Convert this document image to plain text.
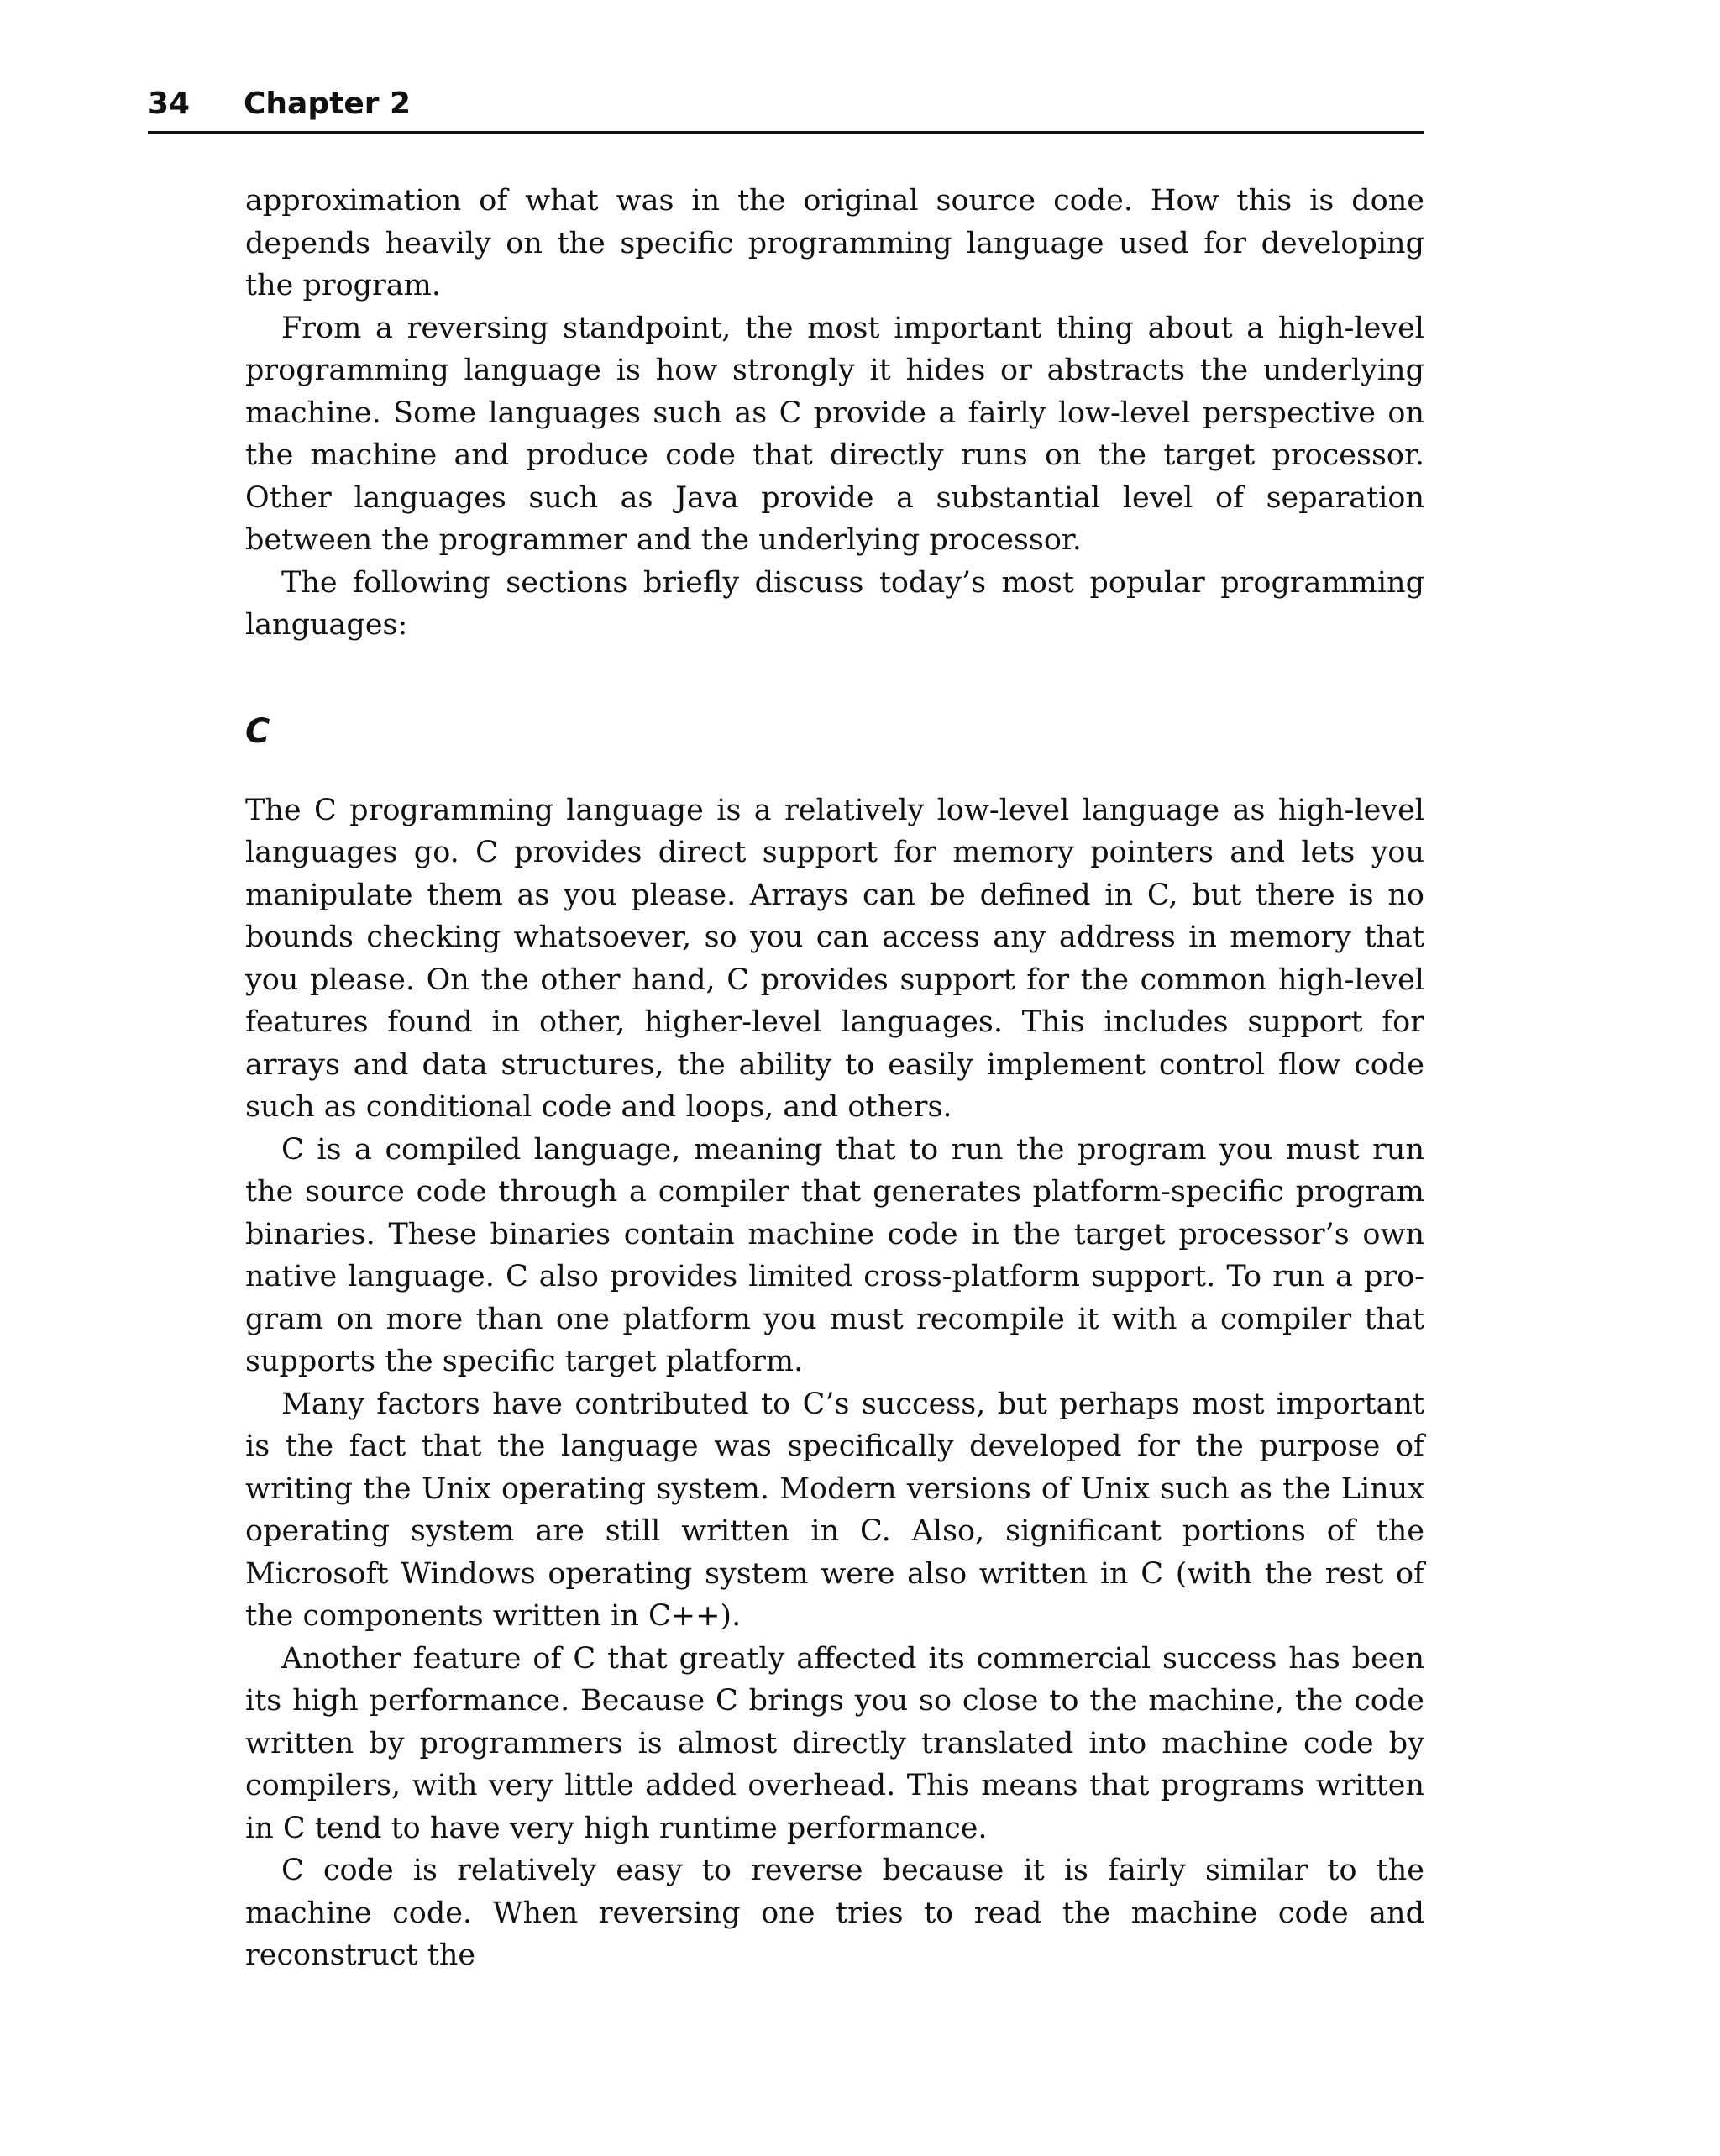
34 Chapter 2

approximation of what was in the original source code. How this is done depends heavily on the specific programming language used for developing the program.

From a reversing standpoint, the most important thing about a high-level programming language is how strongly it hides or abstracts the underlying machine. Some languages such as C provide a fairly low-level perspective on the machine and produce code that directly runs on the target processor. Other languages such as Java provide a substantial level of separation between the programmer and the underlying processor.

The following sections briefly discuss today’s most popular programming languages:

C

The C programming language is a relatively low-level language as high-level languages go. C provides direct support for memory pointers and lets you manipulate them as you please. Arrays can be defined in C, but there is no bounds checking whatsoever, so you can access any address in memory that you please. On the other hand, C provides support for the common high-level features found in other, higher-level languages. This includes support for arrays and data structures, the ability to easily implement control flow code such as conditional code and loops, and others.

C is a compiled language, meaning that to run the program you must run the source code through a compiler that generates platform-specific program binaries. These binaries contain machine code in the target processor’s own native language. C also provides limited cross-platform support. To run a program on more than one platform you must recompile it with a compiler that supports the specific target platform.

Many factors have contributed to C’s success, but perhaps most important is the fact that the language was specifically developed for the purpose of writing the Unix operating system. Modern versions of Unix such as the Linux operating system are still written in C. Also, significant portions of the Microsoft Windows operating system were also written in C (with the rest of the components written in C++).

Another feature of C that greatly affected its commercial success has been its high performance. Because C brings you so close to the machine, the code written by programmers is almost directly translated into machine code by compilers, with very little added overhead. This means that programs written in C tend to have very high runtime performance.

C code is relatively easy to reverse because it is fairly similar to the machine code. When reversing one tries to read the machine code and reconstruct the
